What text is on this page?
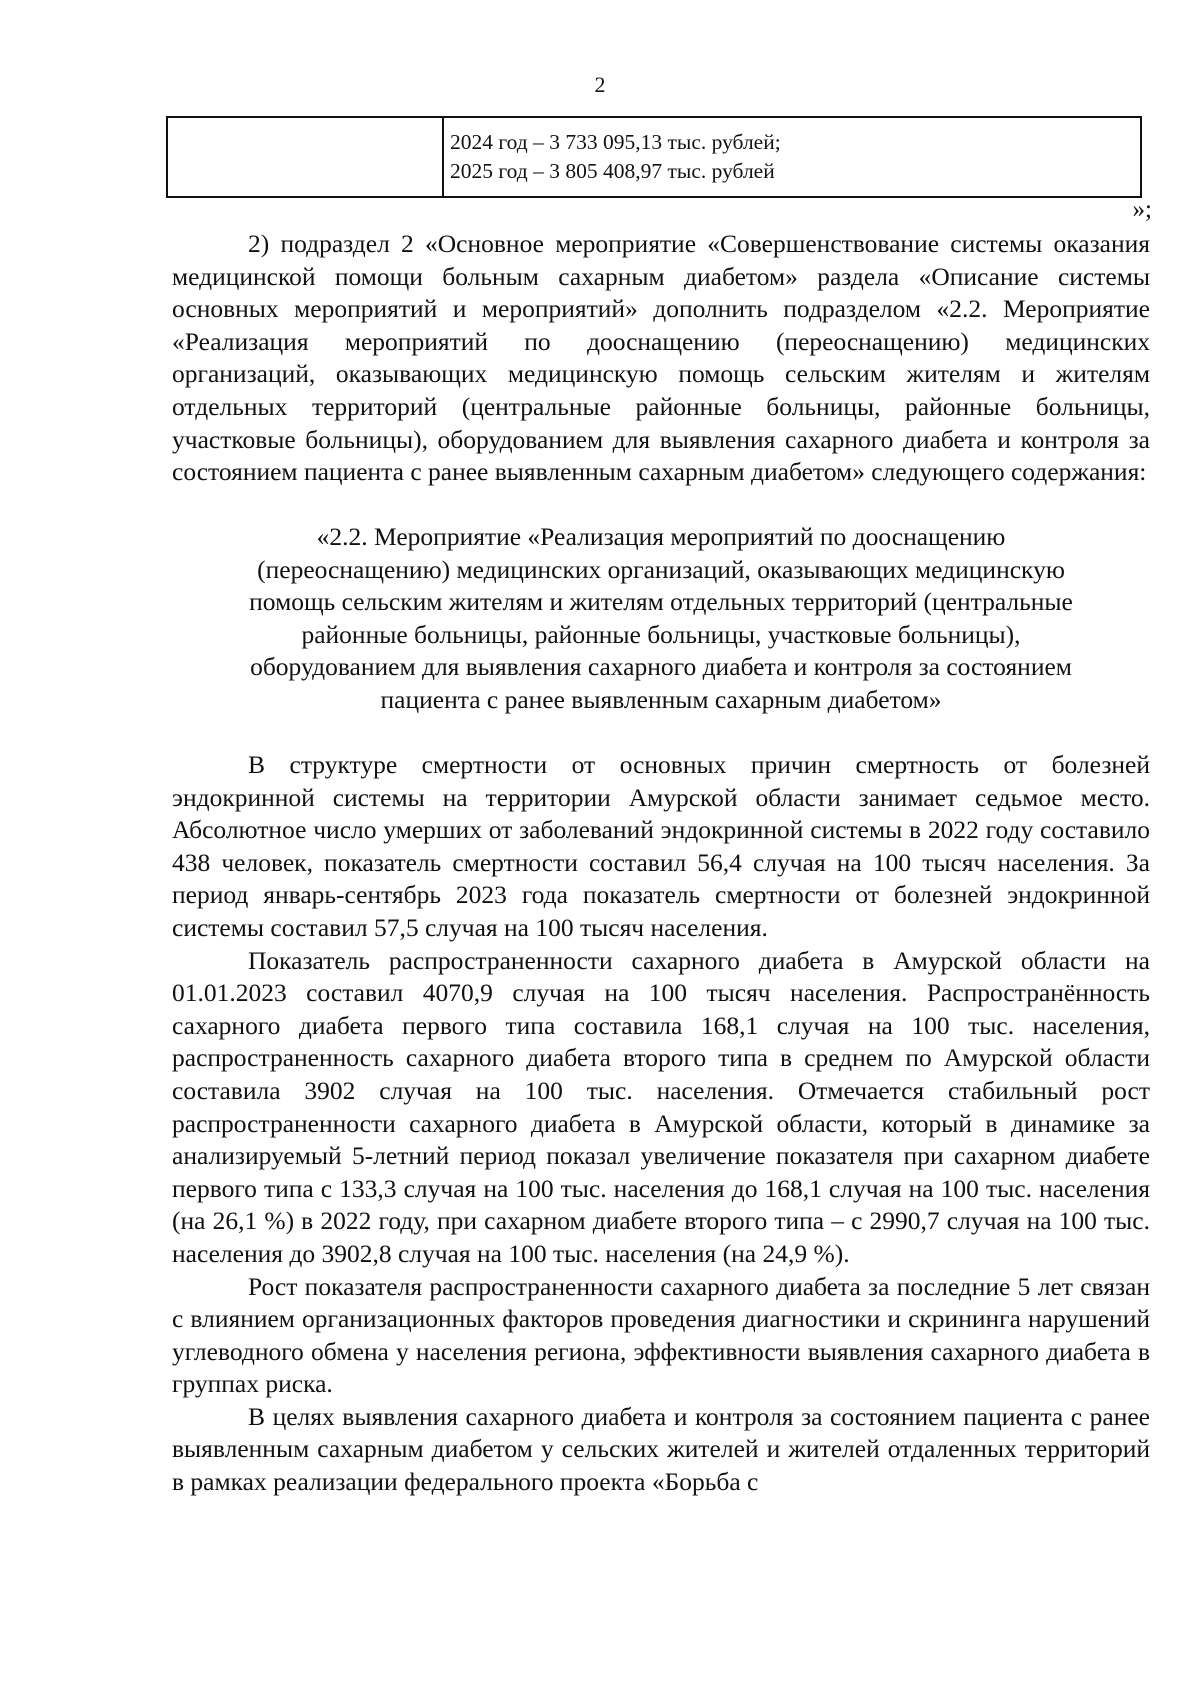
2
2024 год – 3 733 095,13 тыс. рублей;
2025 год – 3 805 408,97 тыс. рублей
»;

2) подраздел 2 «Основное мероприятие «Совершенствование системы оказания медицинской помощи больным сахарным диабетом» раздела «Описание системы основных мероприятий и мероприятий» дополнить подразделом «2.2. Мероприятие «Реализация мероприятий по дооснащению (переоснащению) медицинских организаций, оказывающих медицинскую помощь сельским жителям и жителям отдельных территорий (центральные районные больницы, районные больницы, участковые больницы), оборудованием для выявления сахарного диабета и контроля за состоянием пациента с ранее выявленным сахарным диабетом» следующего содержания:

«2.2. Мероприятие «Реализация мероприятий по дооснащению
(переоснащению) медицинских организаций, оказывающих медицинскую
помощь сельским жителям и жителям отдельных территорий (центральные
районные больницы, районные больницы, участковые больницы),
оборудованием для выявления сахарного диабета и контроля за состоянием
пациента с ранее выявленным сахарным диабетом»

В структуре смертности от основных причин смертность от болезней эндокринной системы на территории Амурской области занимает седьмое место. Абсолютное число умерших от заболеваний эндокринной системы в 2022 году составило 438 человек, показатель смертности составил 56,4 случая на 100 тысяч населения. За период январь-сентябрь 2023 года показатель смертности от болезней эндокринной системы составил 57,5 случая на 100 тысяч населения.

Показатель распространенности сахарного диабета в Амурской области на 01.01.2023 составил 4070,9 случая на 100 тысяч населения. Распространённость сахарного диабета первого типа составила 168,1 случая на 100 тыс. населения, распространенность сахарного диабета второго типа в среднем по Амурской области составила 3902 случая на 100 тыс. населения. Отмечается стабильный рост распространенности сахарного диабета в Амурской области, который в динамике за анализируемый 5-летний период показал увеличение показателя при сахарном диабете первого типа с 133,3 случая на 100 тыс. населения до 168,1 случая на 100 тыс. населения (на 26,1 %) в 2022 году, при сахарном диабете второго типа – с 2990,7 случая на 100 тыс. населения до 3902,8 случая на 100 тыс. населения (на 24,9 %).

Рост показателя распространенности сахарного диабета за последние 5 лет связан с влиянием организационных факторов проведения диагностики и скрининга нарушений углеводного обмена у населения региона, эффективности выявления сахарного диабета в группах риска.

В целях выявления сахарного диабета и контроля за состоянием пациента с ранее выявленным сахарным диабетом у сельских жителей и жителей отдаленных территорий в рамках реализации федерального проекта «Борьба с
